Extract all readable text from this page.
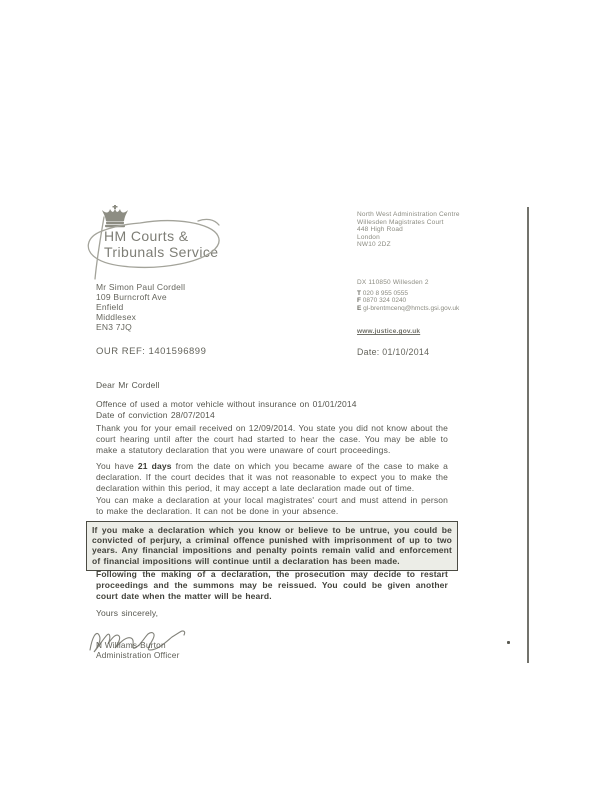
HM Courts &
Tribunals Service
North West Administration Centre
Willesden Magistrates Court
448 High Road
London
NW10 2DZ
DX 110850 Willesden 2
T 020 8 955 0555
F 0870 324 0240
E gl-brentmcenq@hmcts.gsi.gov.uk
www.justice.gov.uk
Mr Simon Paul Cordell
109 Burncroft Ave
Enfield
Middlesex
EN3 7JQ
OUR REF: 1401596899	Date: 01/10/2014
Dear Mr Cordell
Offence of used a motor vehicle without insurance on 01/01/2014
Date of conviction 28/07/2014
Thank you for your email received on 12/09/2014. You state you did not know about the court hearing until after the court had started to hear the case. You may be able to make a statutory declaration that you were unaware of court proceedings.
You have 21 days from the date on which you became aware of the case to make a declaration. If the court decides that it was not reasonable to expect you to make the declaration within this period, it may accept a late declaration made out of time.
You can make a declaration at your local magistrates' court and must attend in person to make the declaration. It can not be done in your absence.
If you make a declaration which you know or believe to be untrue, you could be convicted of perjury, a criminal offence punished with imprisonment of up to two years. Any financial impositions and penalty points remain valid and enforcement of financial impositions will continue until a declaration has been made.
Following the making of a declaration, the prosecution may decide to restart proceedings and the summons may be reissued. You could be given another court date when the matter will be heard.
Yours sincerely,
N Williams-Burton
Administration Officer
